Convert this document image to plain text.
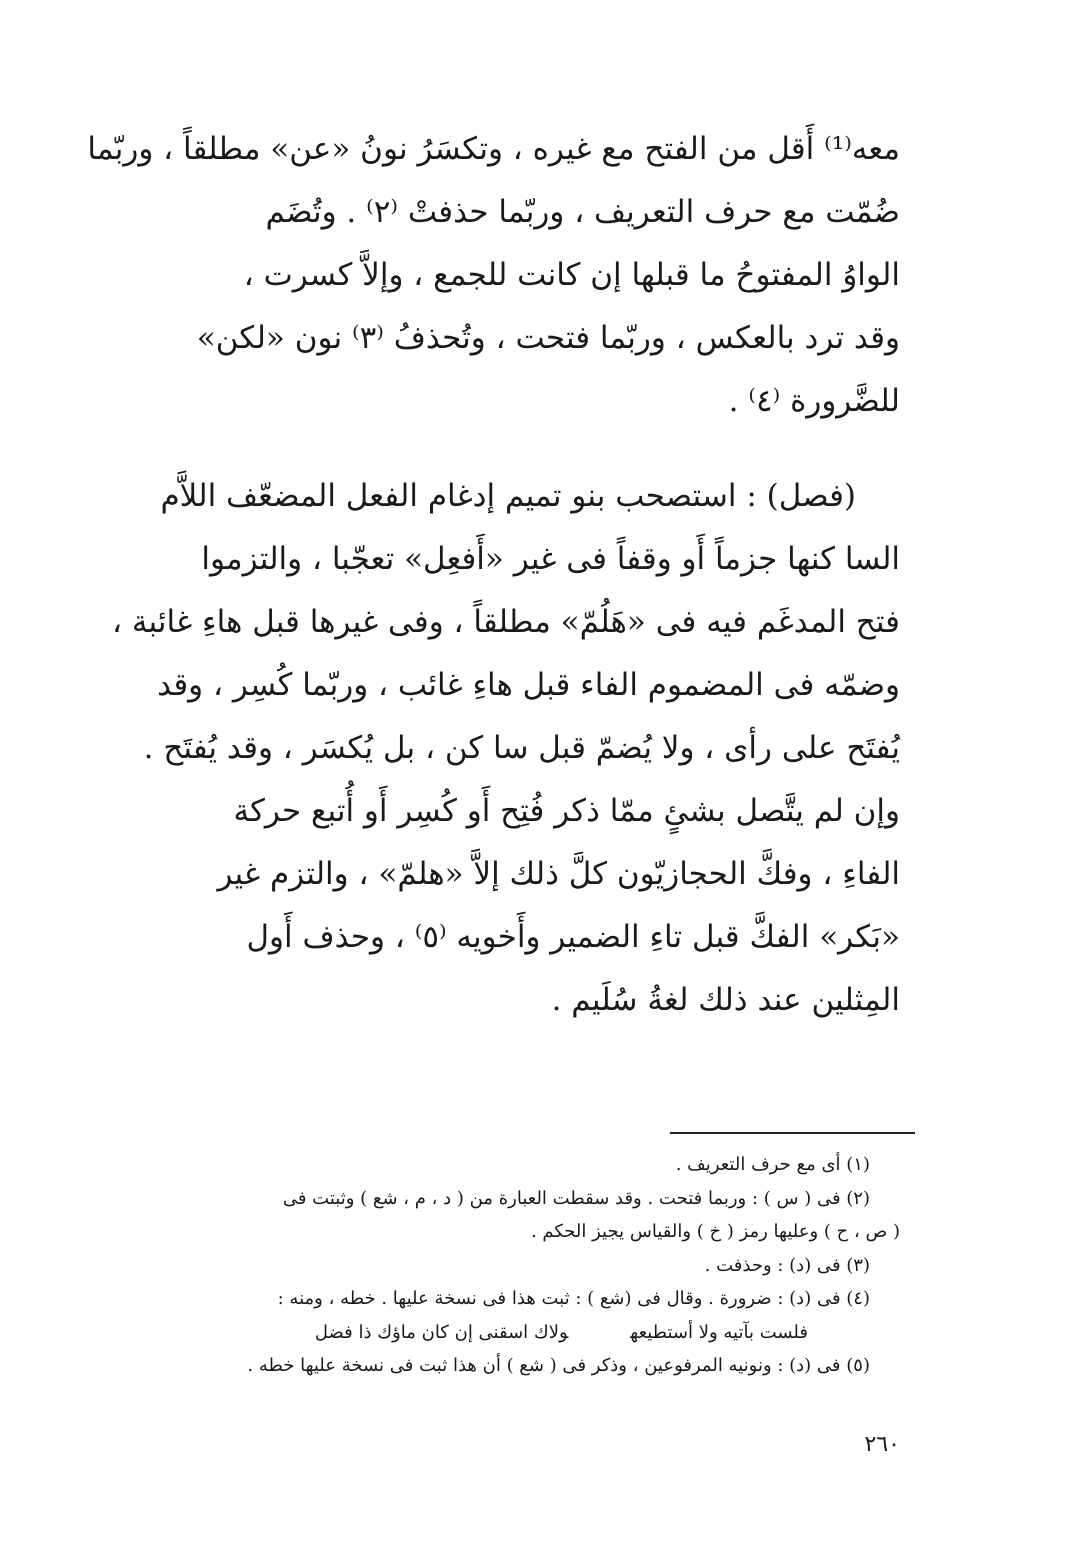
معه⁽¹⁾ أَقل من الفتح مع غيره ، وتكسَرُ نونُ «عن» مطلقاً ، وربّما
ضُمّت مع حرف التعريف ، وربّما حذفتْ ⁽٢⁾ . وتُضَم
الواوُ المفتوحُ ما قبلها إن كانت للجمع ، وإلاَّ كسرت ،
وقد ترد بالعكس ، وربّما فتحت ، وتُحذفُ ⁽٣⁾ نون «لكن»
للضَّرورة ⁽٤⁾ .

(فصل) : استصحب بنو تميم إدغام الفعل المضعّف اللاَّم
السا كنها جزماً أَو وقفاً فى غير «أَفعِل» تعجّبا ، والتزموا
فتح المدغَم فيه فى «هَلُمّ» مطلقاً ، وفى غيرها قبل هاءِ غائبة ،
وضمّه فى المضموم الفاء قبل هاءِ غائب ، وربّما كُسِر ، وقد
يُفتَح على رأى ، ولا يُضمّ قبل سا كن ، بل يُكسَر ، وقد يُفتَح .
وإن لم يتَّصل بشئٍ ممّا ذكر فُتِح أَو كُسِر أَو أُتبع حركة
الفاءِ ، وفكَّ الحجازيّون كلَّ ذلك إلاَّ «هلمّ» ، والتزم غير
«بَكر» الفكَّ قبل تاءِ الضمير وأَخويه ⁽٥⁾ ، وحذف أَول
المِثلين عند ذلك لغةُ سُلَيم .

(١) أى مع حرف التعريف .
(٢) فى ( س ) : وربما فتحت . وقد سقطت العبارة من ( د ، م ، شع ) وثبتت فى
( ص ، ح ) وعليها رمز ( خ ) والقياس يجيز الحكم .
(٣) فى (د) : وحذفت .
(٤) فى (د) : ضرورة . وقال فى (شع ) : ثبت هذا فى نسخة عليها . خطه ، ومنه :
فلست بآتيه ولا أستطيعهولاك اسقنى إن كان ماؤك ذا فضل
(٥) فى (د) : ونونيه المرفوعين ، وذكر فى ( شع ) أن هذا ثبت فى نسخة عليها خطه .
٢٦٠
